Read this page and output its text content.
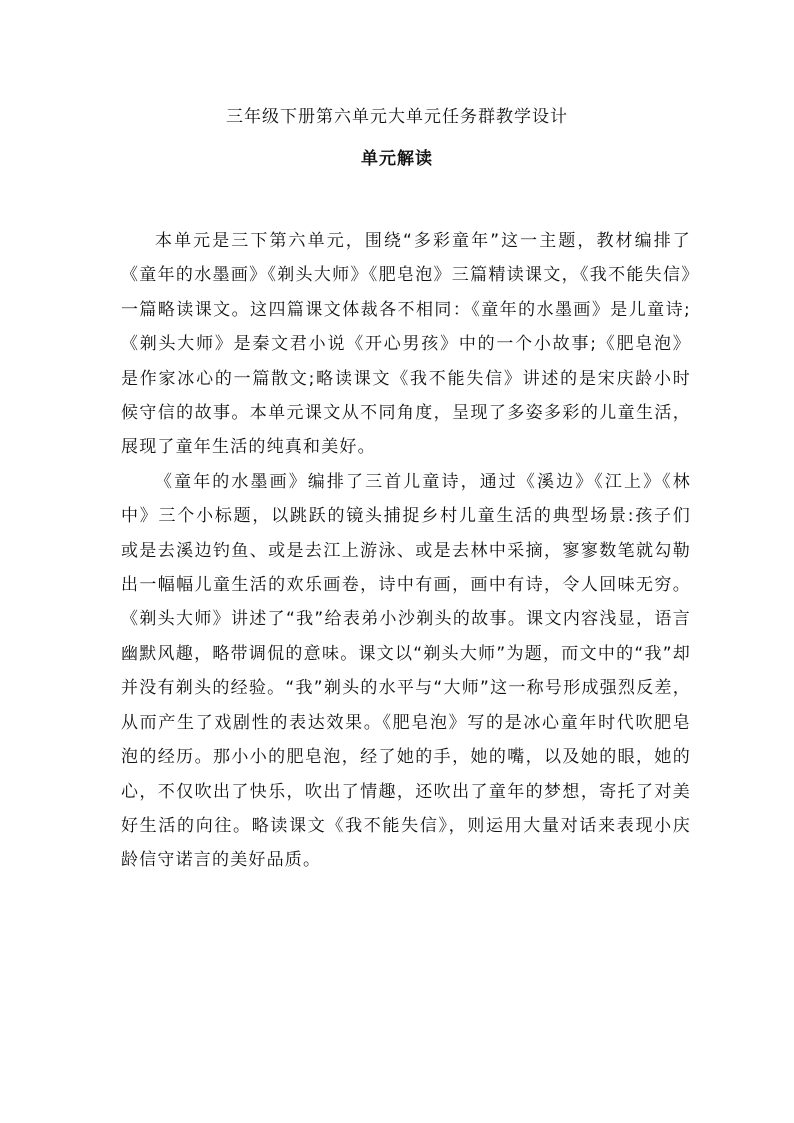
三年级下册第六单元大单元任务群教学设计
单元解读

本单元是三下第六单元，围绕“多彩童年”这一主题，教材编排了《童年的水墨画》《剃头大师》《肥皂泡》三篇精读课文，《我不能失信》一篇略读课文。这四篇课文体裁各不相同：《童年的水墨画》是儿童诗;《剃头大师》是秦文君小说《开心男孩》中的一个小故事;《肥皂泡》是作家冰心的一篇散文;略读课文《我不能失信》讲述的是宋庆龄小时候守信的故事。本单元课文从不同角度，呈现了多姿多彩的儿童生活，展现了童年生活的纯真和美好。

《童年的水墨画》编排了三首儿童诗，通过《溪边》《江上》《林中》三个小标题，以跳跃的镜头捕捉乡村儿童生活的典型场景:孩子们或是去溪边钓鱼、或是去江上游泳、或是去林中采摘，寥寥数笔就勾勒出一幅幅儿童生活的欢乐画卷，诗中有画，画中有诗，令人回味无穷。《剃头大师》讲述了“我”给表弟小沙剃头的故事。课文内容浅显，语言幽默风趣，略带调侃的意味。课文以“剃头大师”为题，而文中的“我”却并没有剃头的经验。“我”剃头的水平与“大师”这一称号形成强烈反差，从而产生了戏剧性的表达效果。《肥皂泡》写的是冰心童年时代吹肥皂泡的经历。那小小的肥皂泡，经了她的手，她的嘴，以及她的眼，她的心，不仅吹出了快乐，吹出了情趣，还吹出了童年的梦想，寄托了对美好生活的向往。略读课文《我不能失信》，则运用大量对话来表现小庆龄信守诺言的美好品质。
